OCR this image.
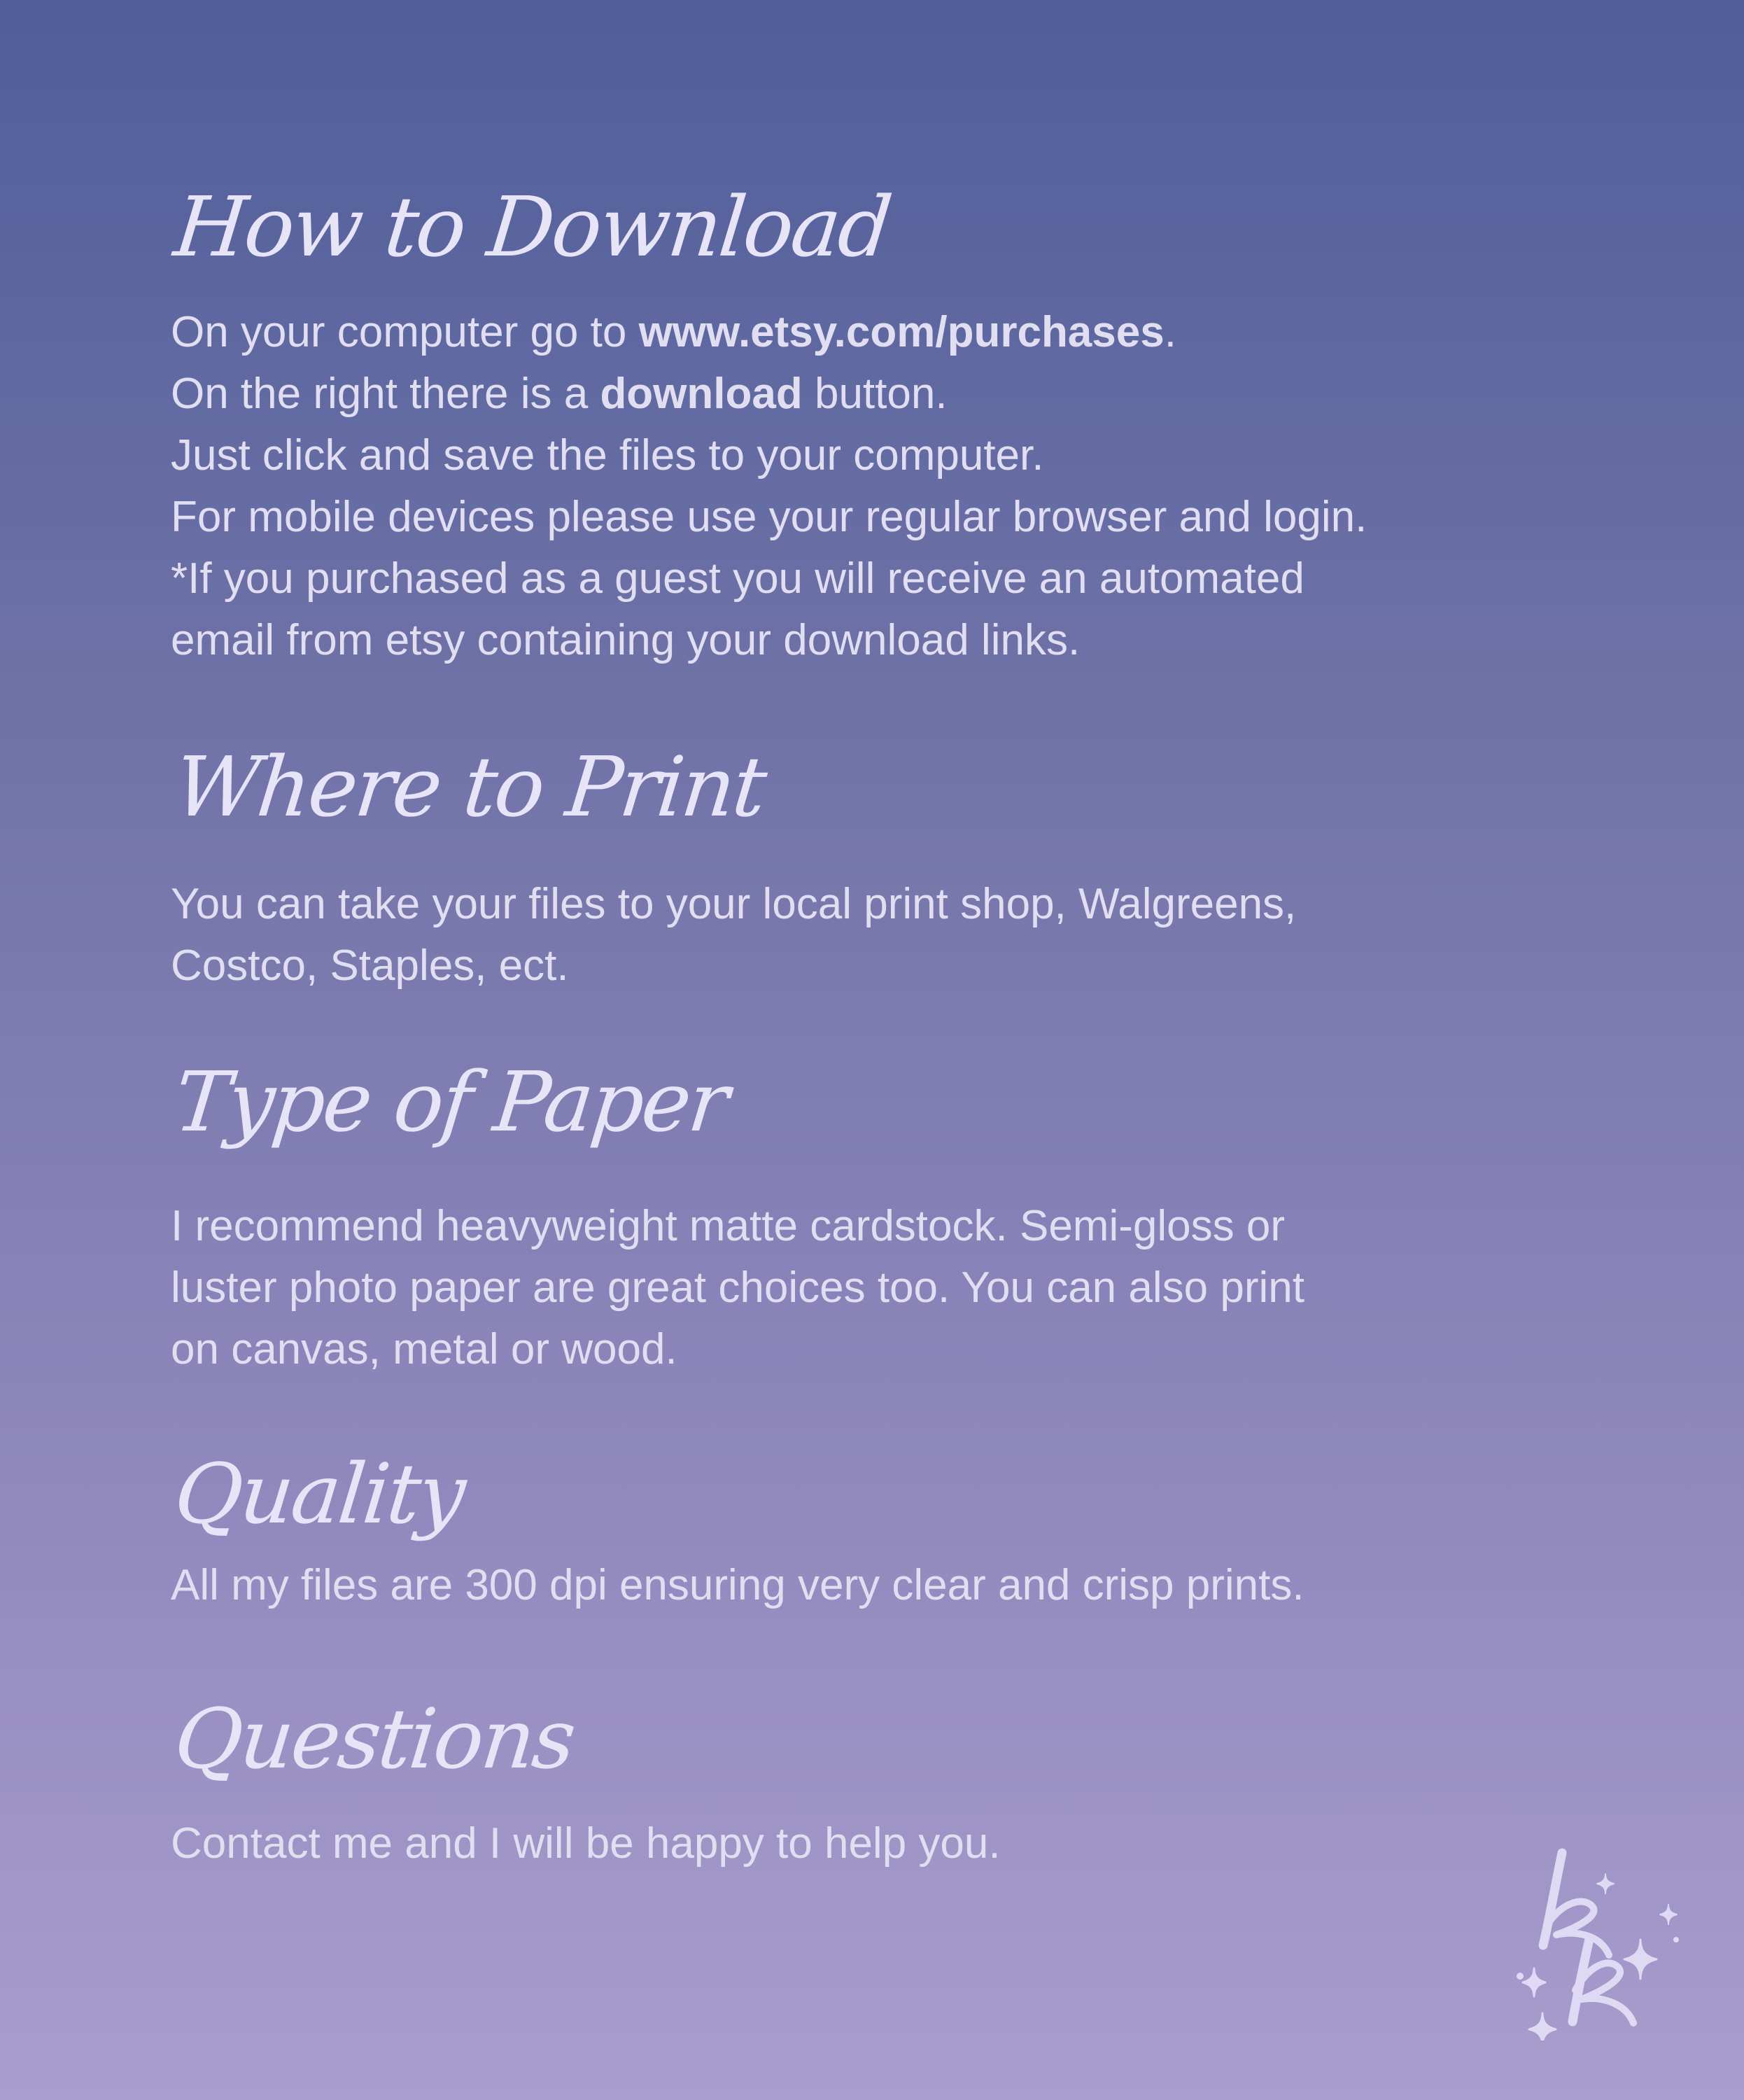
How to Download

On your computer go to www.etsy.com/purchases.
On the right there is a download button.
Just click and save the files to your computer.
For mobile devices please use your regular browser and login.
*If you purchased as a guest you will receive an automated
email from etsy containing your download links.

Where to Print

You can take your files to your local print shop, Walgreens,
Costco, Staples, ect.

Type of Paper

I recommend heavyweight matte cardstock. Semi-gloss or
luster photo paper are great choices too. You can also print
on canvas, metal or wood.

Quality

All my files are 300 dpi ensuring very clear and crisp prints.

Questions

Contact me and I will be happy to help you.
